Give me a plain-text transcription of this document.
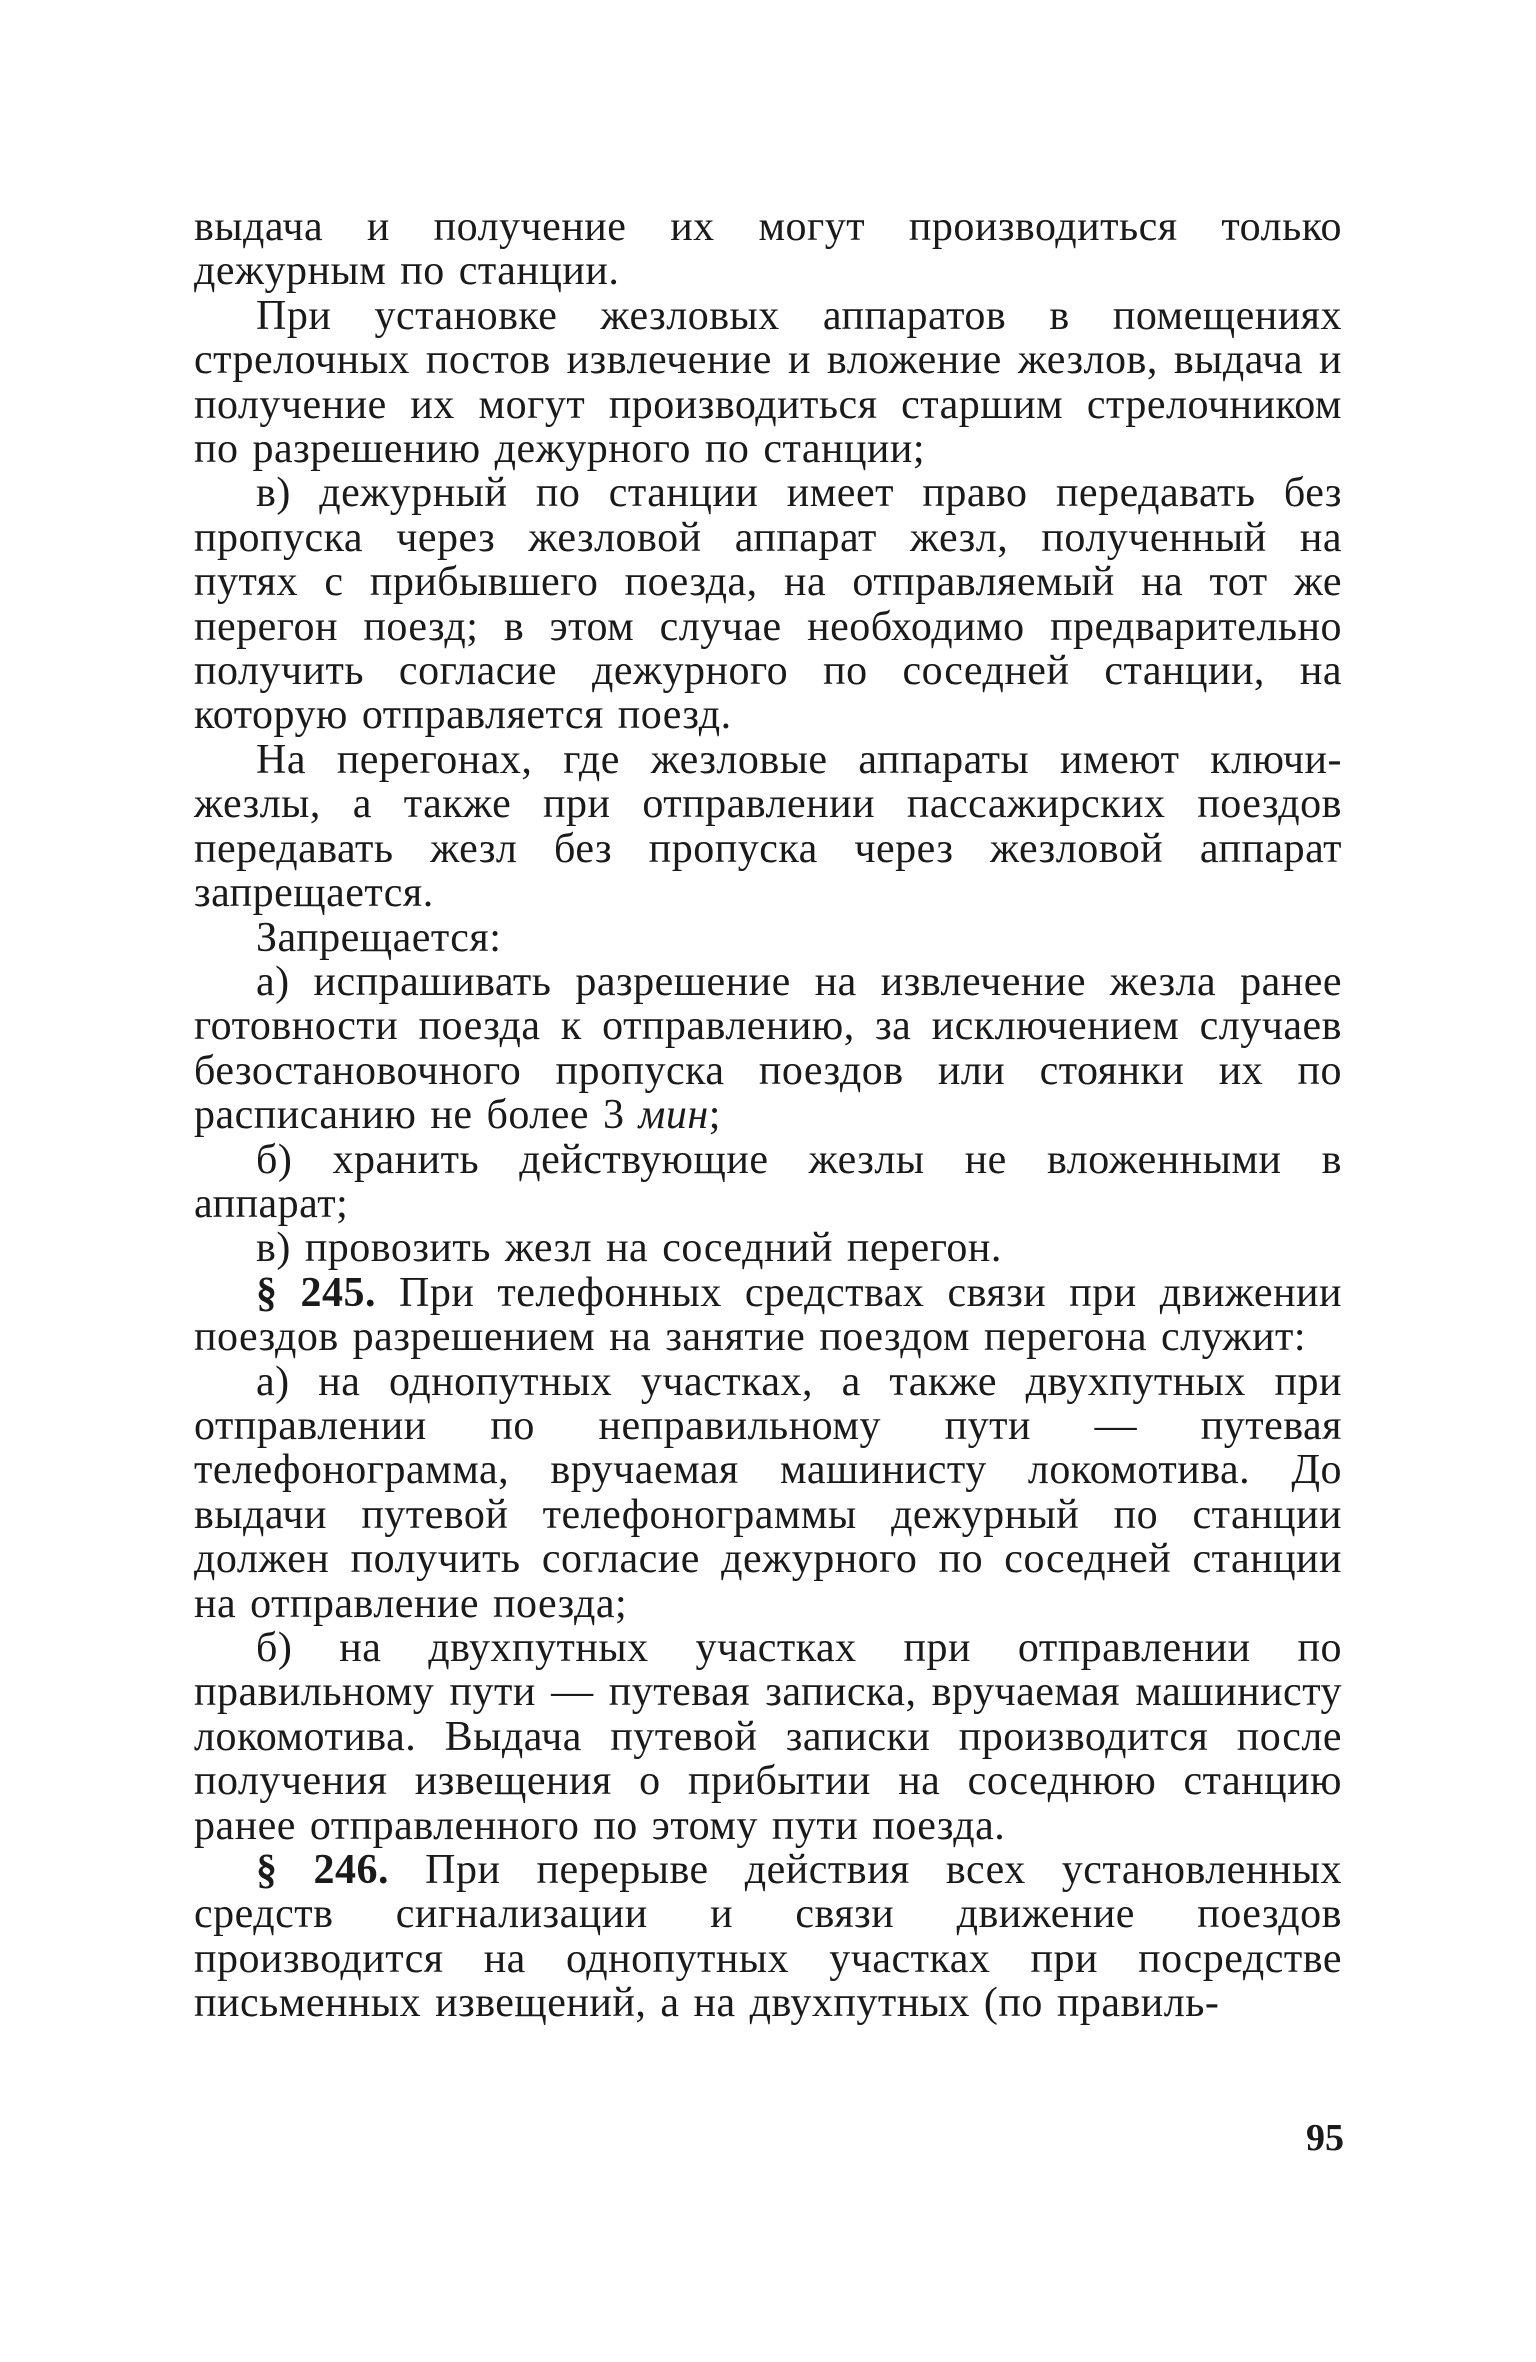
выдача и получение их могут производиться только дежурным по станции.

При установке жезловых аппаратов в помещениях стрелочных постов извлечение и вложение жезлов, выдача и получение их могут производиться старшим стрелочником по разрешению дежурного по станции;

в) дежурный по станции имеет право передавать без пропуска через жезловой аппарат жезл, полученный на путях с прибывшего поезда, на отправляемый на тот же перегон поезд; в этом случае необходимо предварительно получить согласие дежурного по соседней станции, на которую отправляется поезд.

На перегонах, где жезловые аппараты имеют ключи-жезлы, а также при отправлении пассажирских поездов передавать жезл без пропуска через жезловой аппарат запрещается.

Запрещается:

а) испрашивать разрешение на извлечение жезла ранее готовности поезда к отправлению, за исключением случаев безостановочного пропуска поездов или стоянки их по расписанию не более 3 мин;

б) хранить действующие жезлы не вложенными в аппарат;

в) провозить жезл на соседний перегон.

§ 245. При телефонных средствах связи при движении поездов разрешением на занятие поездом перегона служит:

а) на однопутных участках, а также двухпутных при отправлении по неправильному пути — путевая телефонограмма, вручаемая машинисту локомотива. До выдачи путевой телефонограммы дежурный по станции должен получить согласие дежурного по соседней станции на отправление поезда;

б) на двухпутных участках при отправлении по правильному пути — путевая записка, вручаемая машинисту локомотива. Выдача путевой записки производится после получения извещения о прибытии на соседнюю станцию ранее отправленного по этому пути поезда.

§ 246. При перерыве действия всех установленных средств сигнализации и связи движение поездов производится на однопутных участках при посредстве письменных извещений, а на двухпутных (по правиль-

95
